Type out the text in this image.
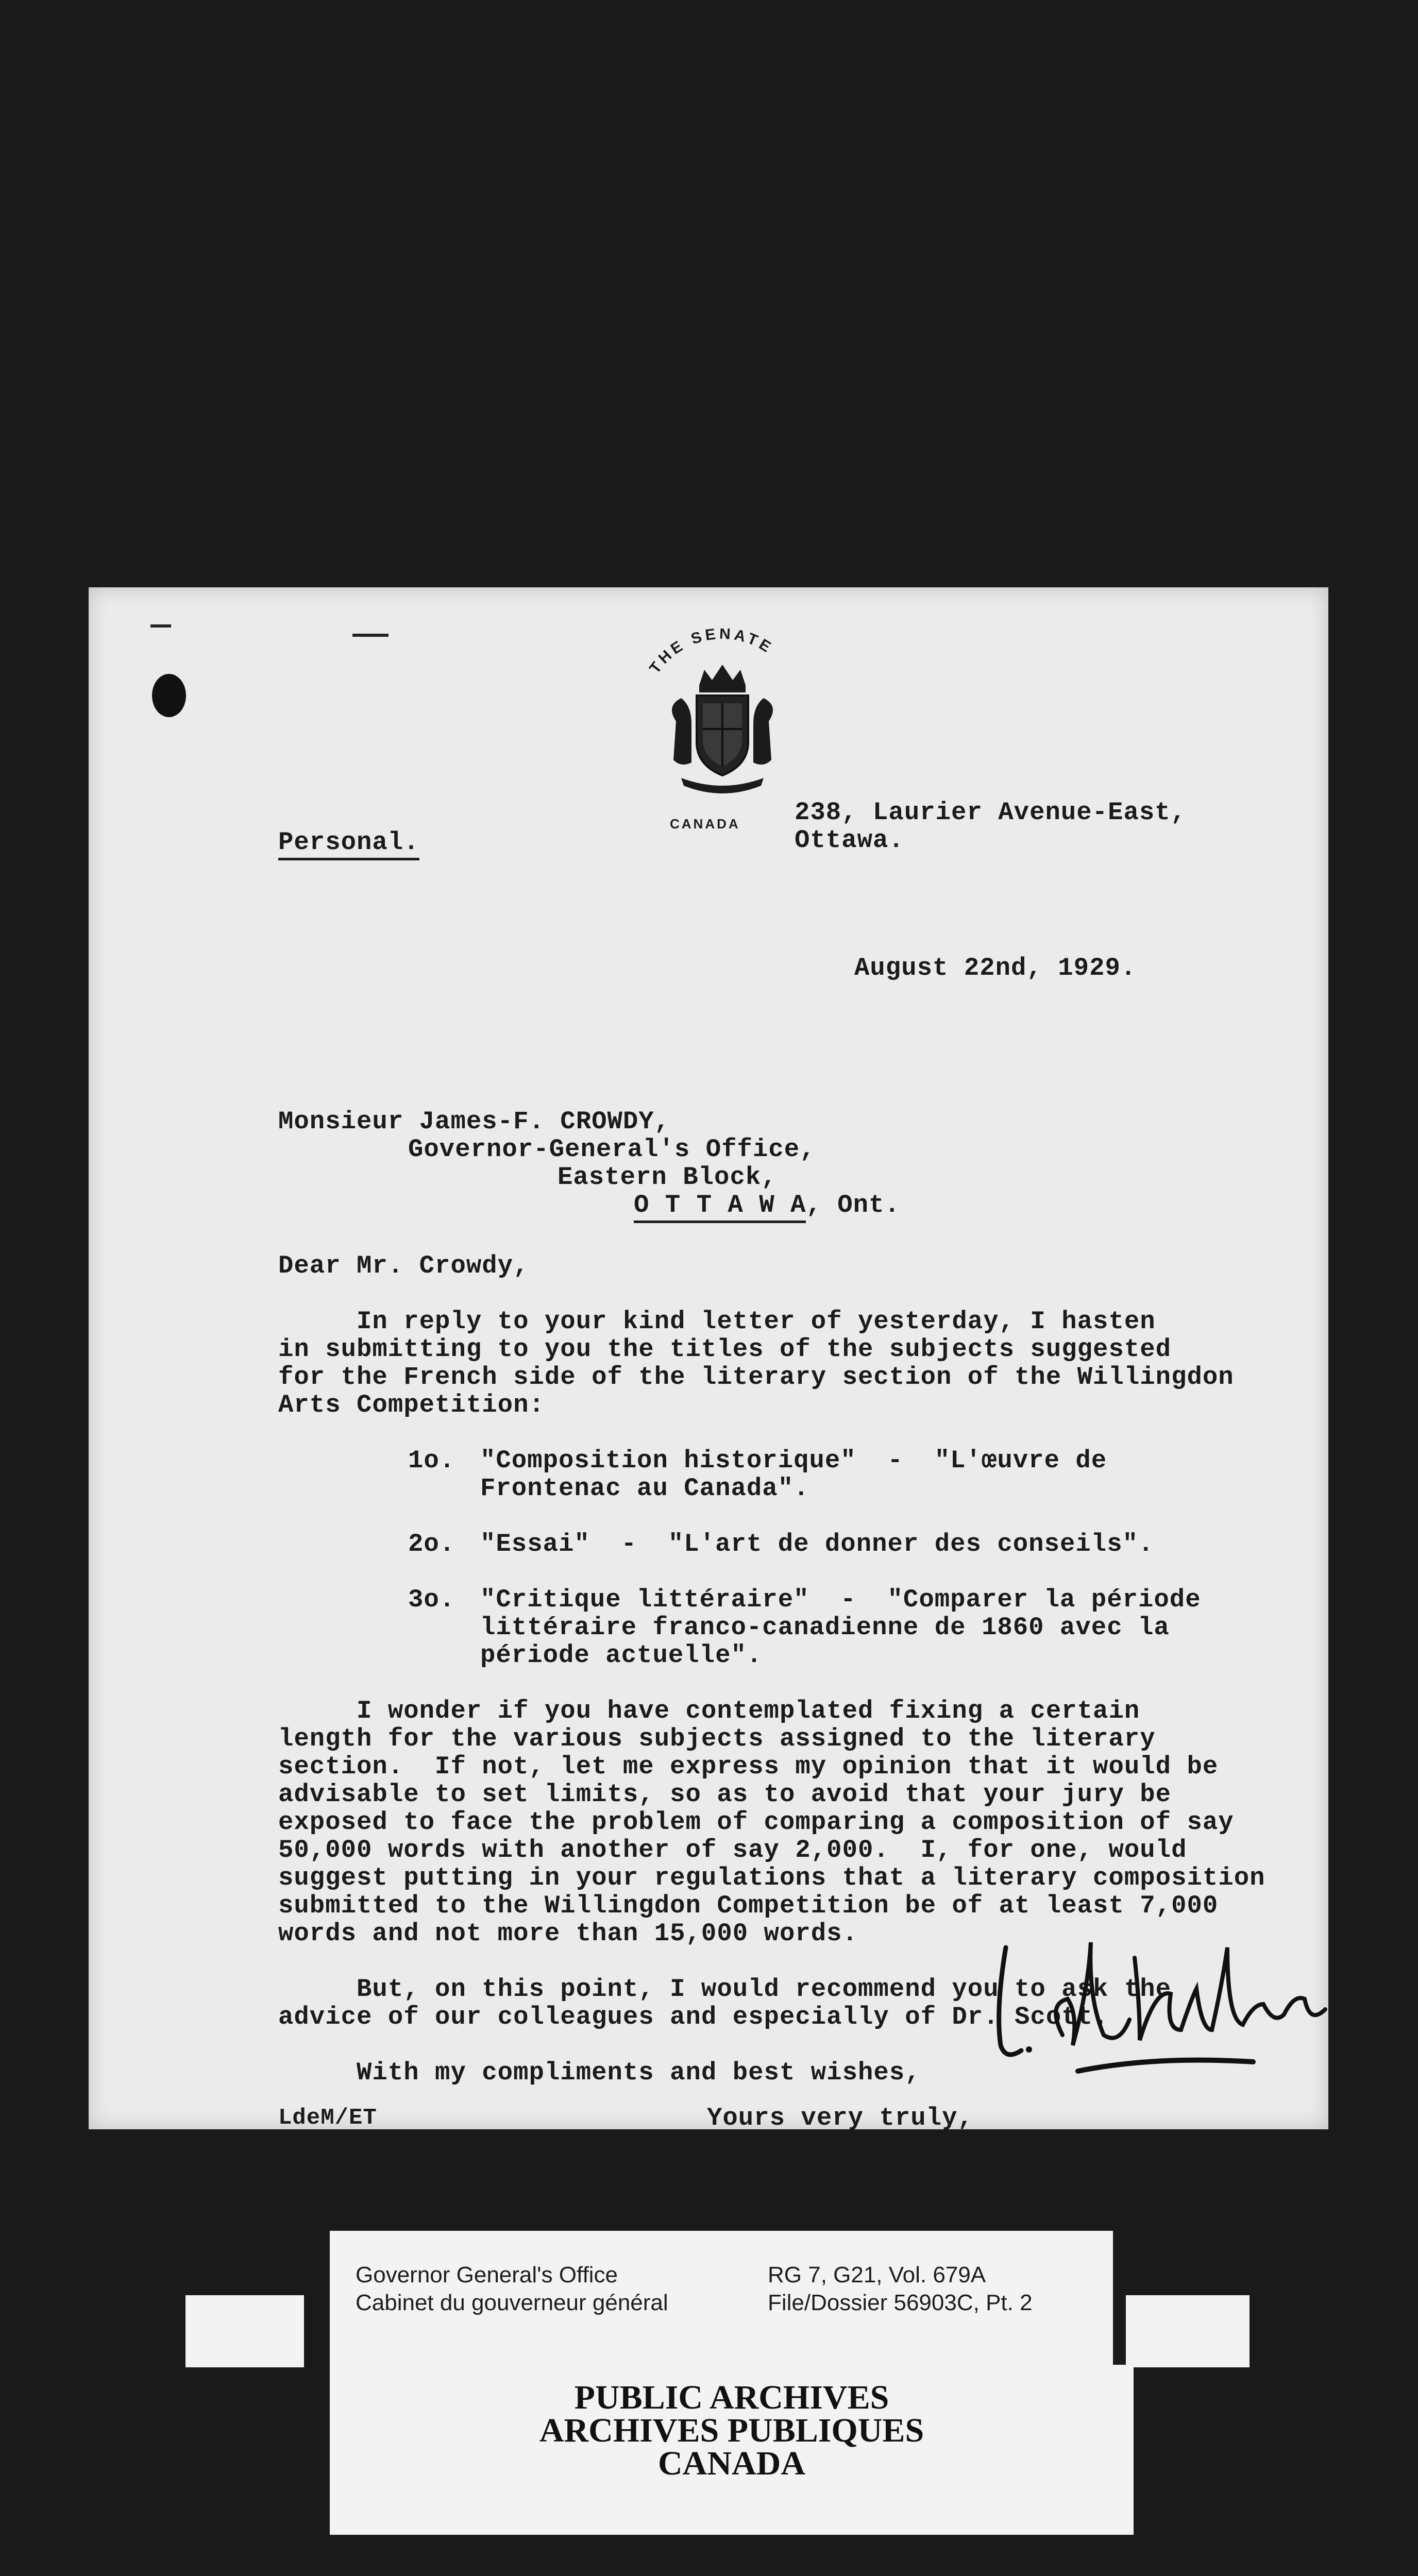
THE SENATE
CANADA 238, Laurier Avenue-East,
Ottawa.
Personal.
August 22nd, 1929.
Monsieur James-F. CROWDY,
Governor-General's Office,
Eastern Block,
O T T A W A, Ont.
Dear Mr. Crowdy,
In reply to your kind letter of yesterday, I hasten
in submitting to you the titles of the subjects suggested
for the French side of the literary section of the Willingdon
Arts Competition:
1o. "Composition historique"  -  "L'œuvre de
Frontenac au Canada".
2o. "Essai"  -  "L'art de donner des conseils".
3o. "Critique littéraire"  -  "Comparer la période
littéraire franco-canadienne de 1860 avec la
période actuelle".
I wonder if you have contemplated fixing a certain
length for the various subjects assigned to the literary
section.  If not, let me express my opinion that it would be
advisable to set limits, so as to avoid that your jury be
exposed to face the problem of comparing a composition of say
50,000 words with another of say 2,000.  I, for one, would
suggest putting in your regulations that a literary composition
submitted to the Willingdon Competition be of at least 7,000
words and not more than 15,000 words.
But, on this point, I would recommend you to ask the
advice of our colleagues and especially of Dr. Scott.
With my compliments and best wishes,
LdeM/ET	Yours very truly,
Governor General's Office
Cabinet du gouverneur général
RG 7, G21, Vol. 679A
File/Dossier 56903C, Pt. 2
PUBLIC ARCHIVES
ARCHIVES PUBLIQUES
CANADA
